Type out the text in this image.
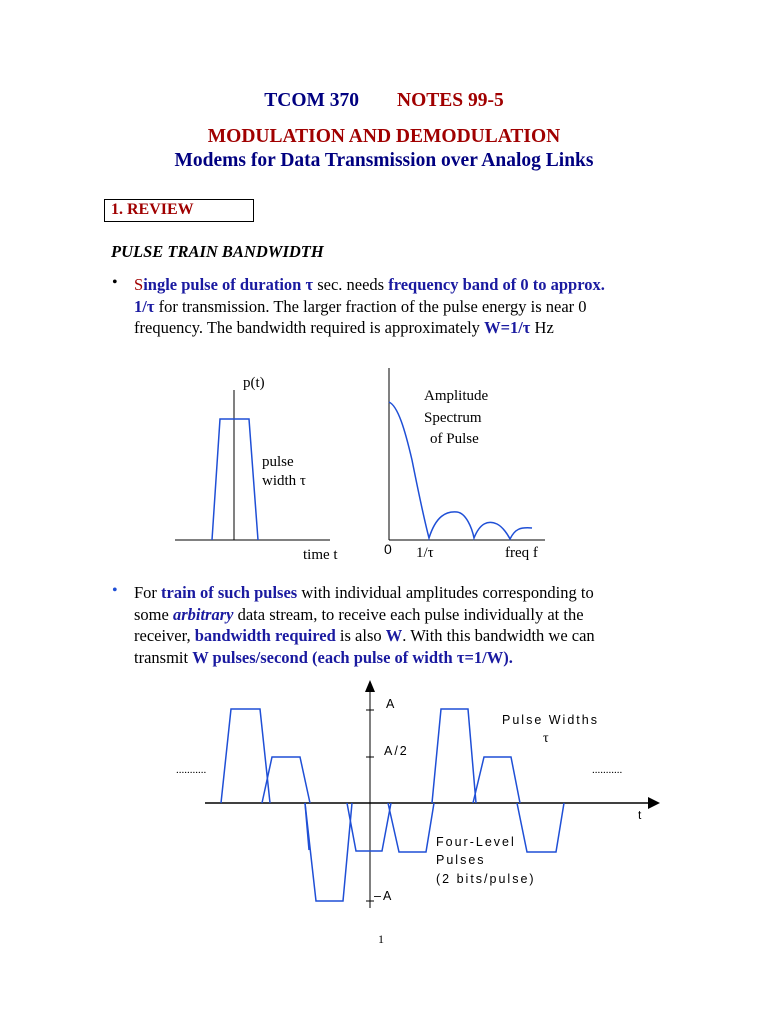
TCOM 370 NOTES 99-5
MODULATION AND DEMODULATION
Modems for Data Transmission over Analog Links
1. REVIEW
PULSE TRAIN BANDWIDTH
• Single pulse of duration τ sec. needs frequency band of 0 to approx.
1/τ for transmission. The larger fraction of the pulse energy is near 0
frequency. The bandwidth required is approximately W=1/τ Hz
p(t)
pulse
width τ
time t
Amplitude
Spectrum
of Pulse
0 1/τ	freq f
• For train of such pulses with individual amplitudes corresponding to
some arbitrary data stream, to receive each pulse individually at the
receiver, bandwidth required is also W. With this bandwidth we can
transmit W pulses/second (each pulse of width τ=1/W).
A
A/2
–A
Pulse Widths
τ
t
Four-Level
Pulses
(2 bits/pulse)
...........	...........
1
